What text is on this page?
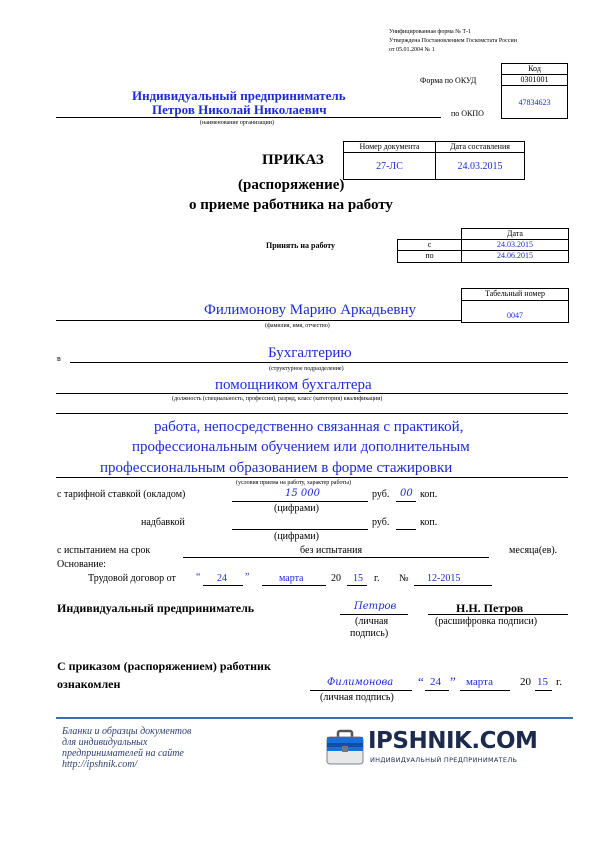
Унифицированная форма № Т-1
Утверждена Постановлением Госкомстата России
от 05.01.2004 № 1
Код
0301001
47834623
Форма по ОКУД
по ОКПО
Индивидуальный предприниматель
Петров Николай Николаевич
(наименование организации)
Номер документа	Дата составления
27-ЛС	24.03.2015
ПРИКАЗ
(распоряжение)
о приеме работника на работу
Принять на работу
Дата
с	24.03.2015
по	24.06.2015
Табельный номер
0047
Филимонову Марию Аркадьевну
(фамилия, имя, отчество)
в	Бухгалтерию
(структурное подразделение)
помощником бухгалтера
(должность (специальность, профессия), разряд, класс (категория) квалификации)
работа, непосредственно связанная с практикой,
профессиональным обучением или дополнительным
профессиональным образованием в форме стажировки
(условия приема на работу, характер работы)
с тарифной ставкой (окладом)	15 000	руб. 00 коп.
(цифрами)
надбавкой	руб.	коп.
(цифрами)
с испытанием на срок	без испытания	месяца(ев).
Основание:
Трудовой договор от “ 24 ”	марта	20 15 г. № 12-2015
Индивидуальный предприниматель	Петров
(личная
подпись)
Н.Н. Петров
(расшифровка подписи)
С приказом (распоряжением) работник
ознакомлен	Филимонова
(личная подпись)
“ 24 ” марта 20 15 г.
Бланки и образцы документов
для индивидуальных
предпринимателей на сайте
http://ipshnik.com/
IPSHNIK.COM
ИНДИВИДУАЛЬНЫЙ ПРЕДПРИНИМАТЕЛЬ
